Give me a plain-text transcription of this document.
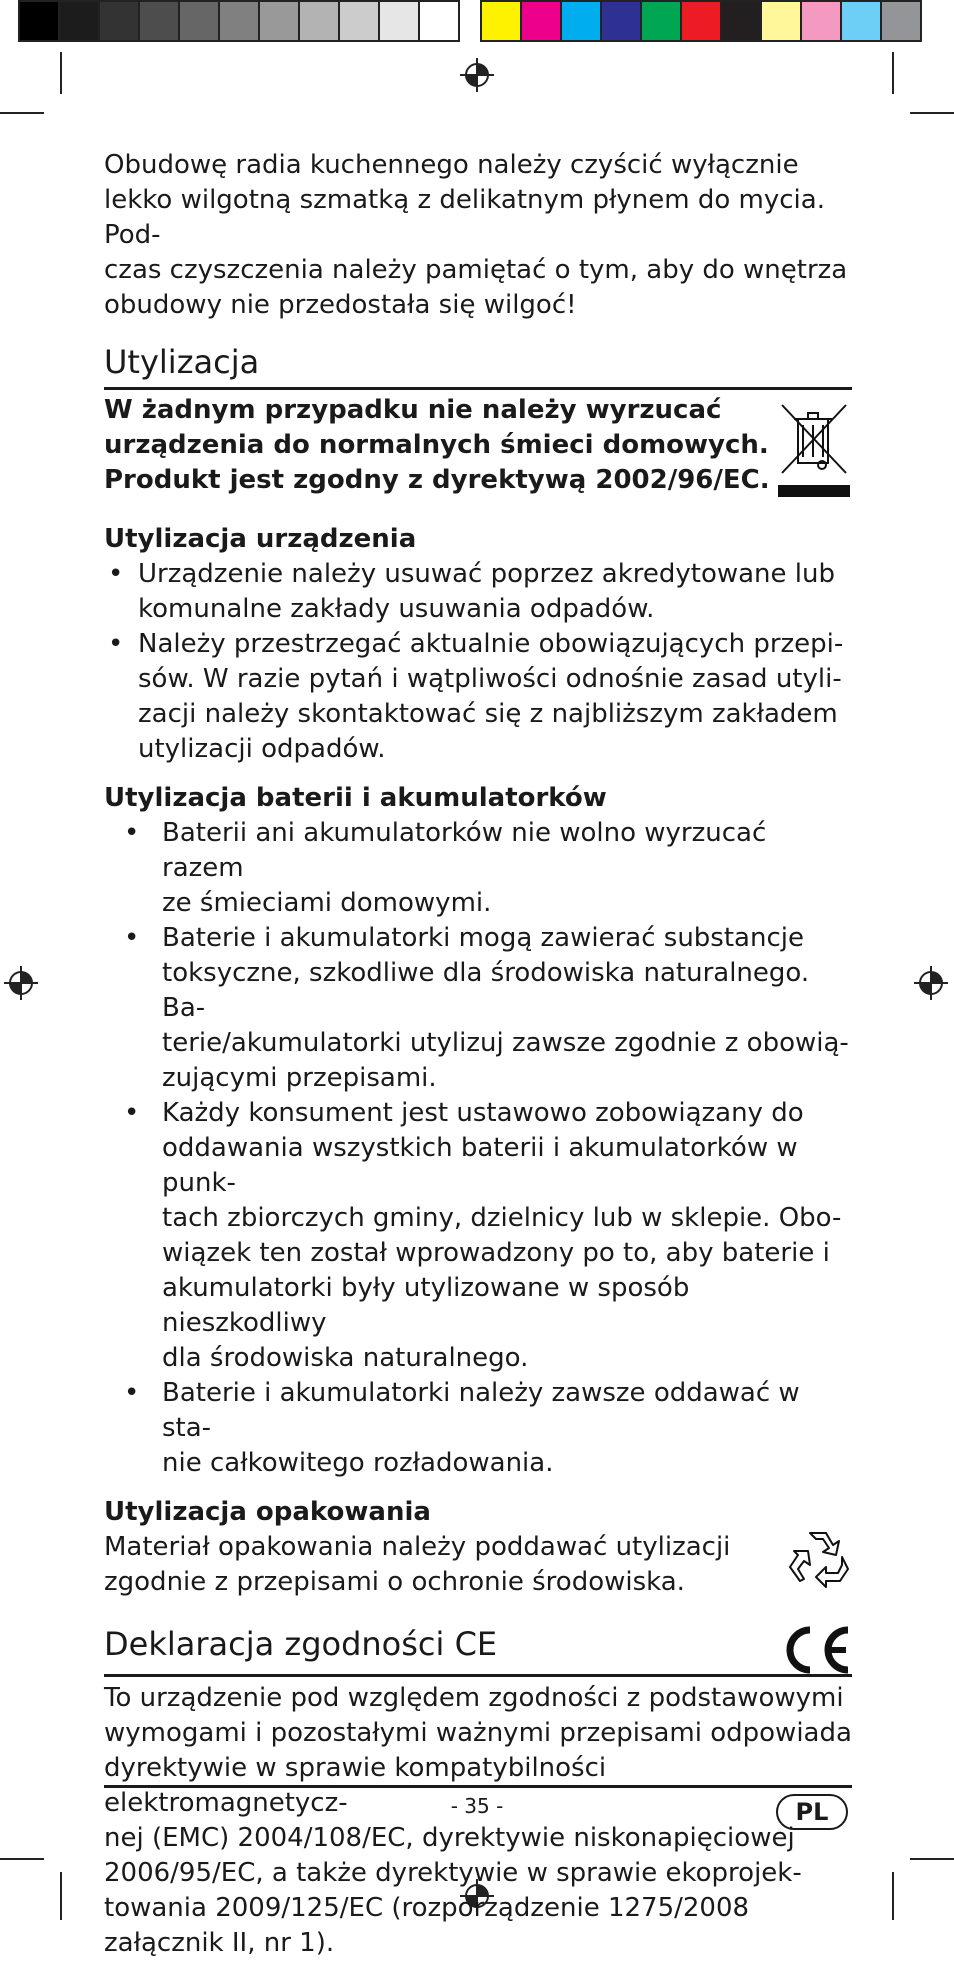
Obudowę radia kuchennego należy czyścić wyłącznie
lekko wilgotną szmatką z delikatnym płynem do mycia. Pod-
czas czyszczenia należy pamiętać o tym, aby do wnętrza
obudowy nie przedostała się wilgoć!
Utylizacja
W żadnym przypadku nie należy wyrzucać
urządzenia do normalnych śmieci domowych.
Produkt jest zgodny z dyrektywą 2002/96/EC.
Utylizacja urządzenia
• Urządzenie należy usuwać poprzez akredytowane lub
komunalne zakłady usuwania odpadów.
• Należy przestrzegać aktualnie obowiązujących przepi-
sów. W razie pytań i wątpliwości odnośnie zasad utyli-
zacji należy skontaktować się z najbliższym zakładem
utylizacji odpadów.
Utylizacja baterii i akumulatorków
• Baterii ani akumulatorków nie wolno wyrzucać razem
ze śmieciami domowymi.
• Baterie i akumulatorki mogą zawierać substancje
toksyczne, szkodliwe dla środowiska naturalnego. Ba-
terie/akumulatorki utylizuj zawsze zgodnie z obowią-
zującymi przepisami.
• Każdy konsument jest ustawowo zobowiązany do
oddawania wszystkich baterii i akumulatorków w punk-
tach zbiorczych gminy, dzielnicy lub w sklepie. Obo-
wiązek ten został wprowadzony po to, aby baterie i
akumulatorki były utylizowane w sposób nieszkodliwy
dla środowiska naturalnego.
• Baterie i akumulatorki należy zawsze oddawać w sta-
nie całkowitego rozładowania.
Utylizacja opakowania
Materiał opakowania należy poddawać utylizacji
zgodnie z przepisami o ochronie środowiska.
Deklaracja zgodności CE
To urządzenie pod względem zgodności z podstawowymi
wymogami i pozostałymi ważnymi przepisami odpowiada
dyrektywie w sprawie kompatybilności elektromagnetycz-
nej (EMC) 2004/108/EC, dyrektywie niskonapięciowej
2006/95/EC, a także dyrektywie w sprawie ekoprojek-
towania 2009/125/EC (rozporządzenie 1275/2008
załącznik II, nr 1).
- 35 -	PL
